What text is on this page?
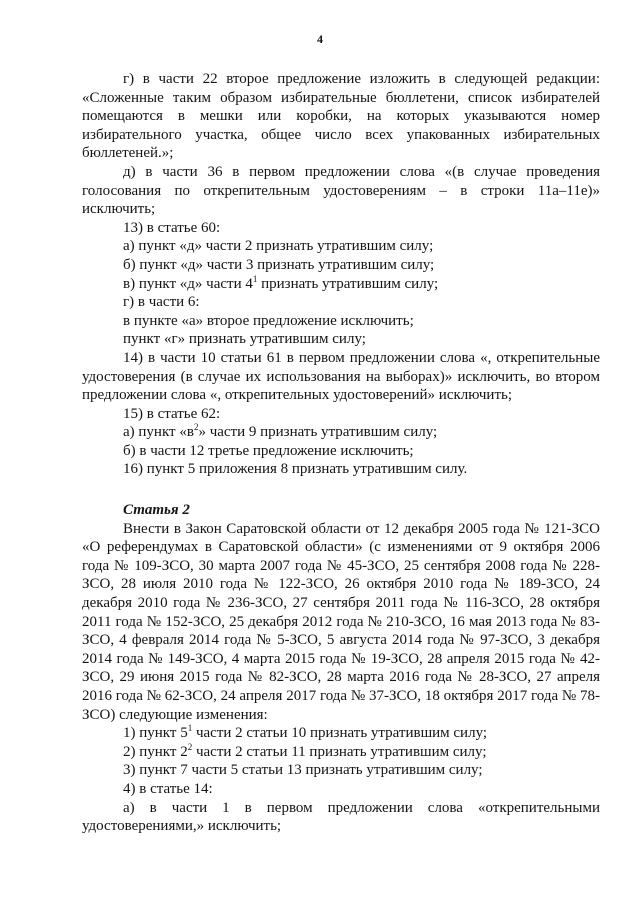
4

г) в части 22 второе предложение изложить в следующей редакции: «Сложенные таким образом избирательные бюллетени, список избирателей помещаются в мешки или коробки, на которых указываются номер избирательного участка, общее число всех упакованных избирательных бюллетеней.»;

д) в части 36 в первом предложении слова «(в случае проведения голосования по открепительным удостоверениям – в строки 11а–11е)» исключить;

13) в статье 60:

а) пункт «д» части 2 признать утратившим силу;

б) пункт «д» части 3 признать утратившим силу;

в) пункт «д» части $4^1$ признать утратившим силу;

г) в части 6:

в пункте «а» второе предложение исключить;

пункт «г» признать утратившим силу;

14) в части 10 статьи 61 в первом предложении слова «, открепительные удостоверения (в случае их использования на выборах)» исключить, во втором предложении слова «, открепительных удостоверений» исключить;

15) в статье 62:

а) пункт «$в^2$» части 9 признать утратившим силу;

б) в части 12 третье предложение исключить;

16) пункт 5 приложения 8 признать утратившим силу.

Статья 2

Внести в Закон Саратовской области от 12 декабря 2005 года № 121-ЗСО «О референдумах в Саратовской области» (с изменениями от 9 октября 2006 года № 109-ЗСО, 30 марта 2007 года № 45-ЗСО, 25 сентября 2008 года № 228-ЗСО, 28 июля 2010 года № 122-ЗСО, 26 октября 2010 года № 189-ЗСО, 24 декабря 2010 года № 236-ЗСО, 27 сентября 2011 года № 116-ЗСО, 28 октября 2011 года № 152-ЗСО, 25 декабря 2012 года № 210-ЗСО, 16 мая 2013 года № 83-ЗСО, 4 февраля 2014 года № 5-ЗСО, 5 августа 2014 года № 97-ЗСО, 3 декабря 2014 года № 149-ЗСО, 4 марта 2015 года № 19-ЗСО, 28 апреля 2015 года № 42-ЗСО, 29 июня 2015 года № 82-ЗСО, 28 марта 2016 года № 28-ЗСО, 27 апреля 2016 года № 62-ЗСО, 24 апреля 2017 года № 37-ЗСО, 18 октября 2017 года № 78-ЗСО) следующие изменения:

1) пункт $5^1$ части 2 статьи 10 признать утратившим силу;

2) пункт $2^2$ части 2 статьи 11 признать утратившим силу;

3) пункт 7 части 5 статьи 13 признать утратившим силу;

4) в статье 14:

а) в части 1 в первом предложении слова «открепительными удостоверениями,» исключить;
